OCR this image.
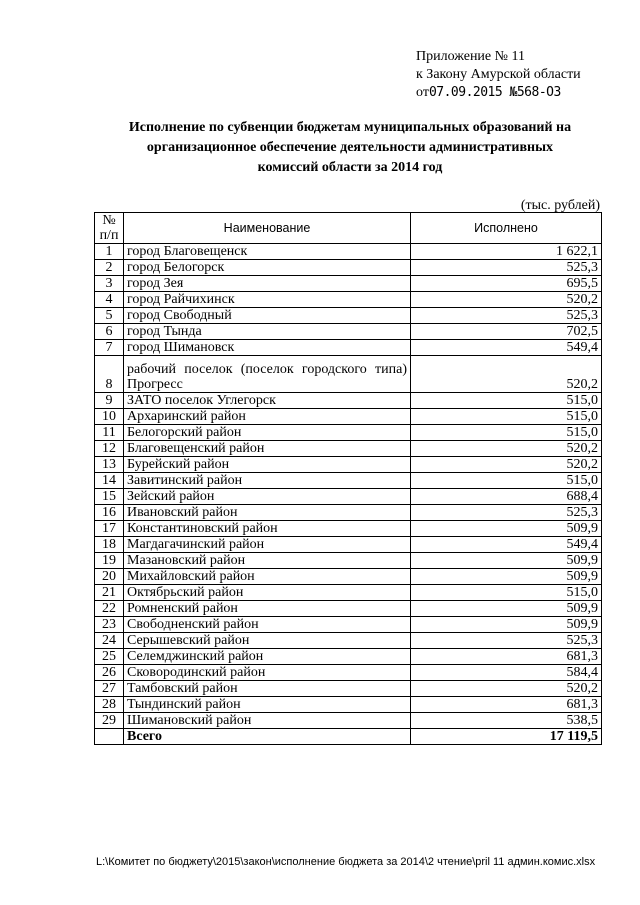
Приложение № 11
к Закону Амурской области
от07.09.2015 №568-ОЗ
Исполнение по субвенции бюджетам муниципальных образований на организационное обеспечение деятельности административных комиссий области за 2014 год
(тыс. рублей)
№ п/п	Наименование	Исполнено
1	город Благовещенск	1 622,1
2	город Белогорск	525,3
3	город Зея	695,5
4	город Райчихинск	520,2
5	город Свободный	525,3
6	город Тында	702,5
7	город Шимановск	549,4
8	рабочий поселок (поселок городского типа) Прогресс	520,2
9	ЗАТО поселок Углегорск	515,0
10	Архаринский район	515,0
11	Белогорский район	515,0
12	Благовещенский район	520,2
13	Бурейский район	520,2
14	Завитинский район	515,0
15	Зейский район	688,4
16	Ивановский район	525,3
17	Константиновский район	509,9
18	Магдагачинский район	549,4
19	Мазановский район	509,9
20	Михайловский район	509,9
21	Октябрьский район	515,0
22	Ромненский район	509,9
23	Свободненский район	509,9
24	Серышевский район	525,3
25	Селемджинский район	681,3
26	Сковородинский район	584,4
27	Тамбовский район	520,2
28	Тындинский район	681,3
29	Шимановский район	538,5
	Всего	17 119,5
L:\Комитет по бюджету\2015\закон\исполнение бюджета за 2014\2 чтение\pril 11 админ.комис.xlsx
